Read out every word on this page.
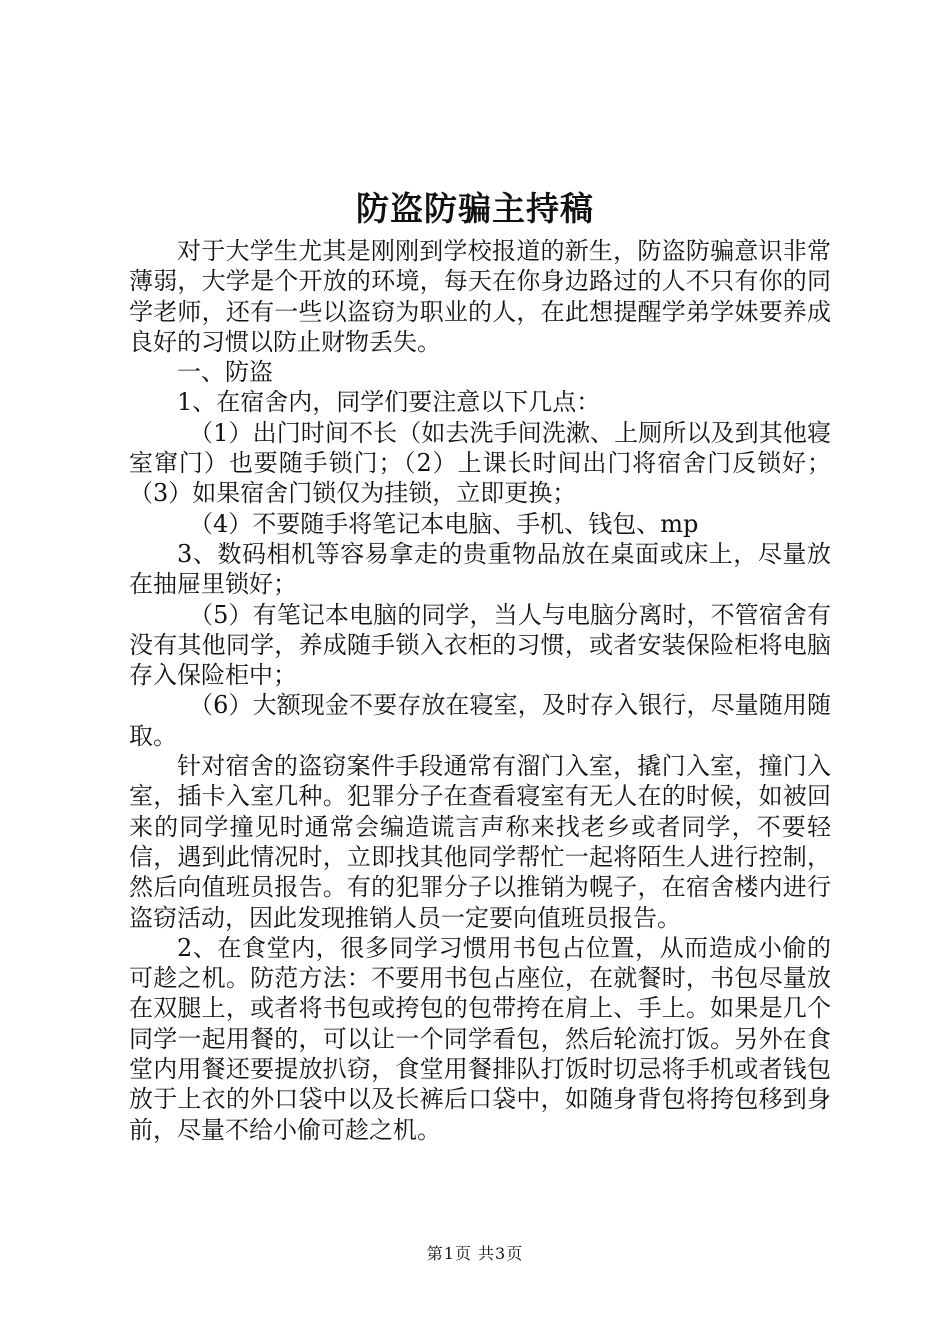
防盗防骗主持稿

对于大学生尤其是刚刚到学校报道的新生，防盗防骗意识非常薄弱，大学是个开放的环境，每天在你身边路过的人不只有你的同学老师，还有一些以盗窃为职业的人，在此想提醒学弟学妹要养成良好的习惯以防止财物丢失。

一、防盗

1、在宿舍内，同学们要注意以下几点：

（1）出门时间不长（如去洗手间洗漱、上厕所以及到其他寝室窜门）也要随手锁门；（2）上课长时间出门将宿舍门反锁好；（3）如果宿舍门锁仅为挂锁，立即更换；

（4）不要随手将笔记本电脑、手机、钱包、mp

3、数码相机等容易拿走的贵重物品放在桌面或床上，尽量放在抽屉里锁好；

（5）有笔记本电脑的同学，当人与电脑分离时，不管宿舍有没有其他同学，养成随手锁入衣柜的习惯，或者安装保险柜将电脑存入保险柜中；

（6）大额现金不要存放在寝室，及时存入银行，尽量随用随取。

针对宿舍的盗窃案件手段通常有溜门入室，撬门入室，撞门入室，插卡入室几种。犯罪分子在查看寝室有无人在的时候，如被回来的同学撞见时通常会编造谎言声称来找老乡或者同学，不要轻信，遇到此情况时，立即找其他同学帮忙一起将陌生人进行控制，然后向值班员报告。有的犯罪分子以推销为幌子，在宿舍楼内进行盗窃活动，因此发现推销人员一定要向值班员报告。

2、在食堂内，很多同学习惯用书包占位置，从而造成小偷的可趁之机。防范方法：不要用书包占座位，在就餐时，书包尽量放在双腿上，或者将书包或挎包的包带挎在肩上、手上。如果是几个同学一起用餐的，可以让一个同学看包，然后轮流打饭。另外在食堂内用餐还要提放扒窃，食堂用餐排队打饭时切忌将手机或者钱包放于上衣的外口袋中以及长裤后口袋中，如随身背包将挎包移到身前，尽量不给小偷可趁之机。

第1页 共3页
